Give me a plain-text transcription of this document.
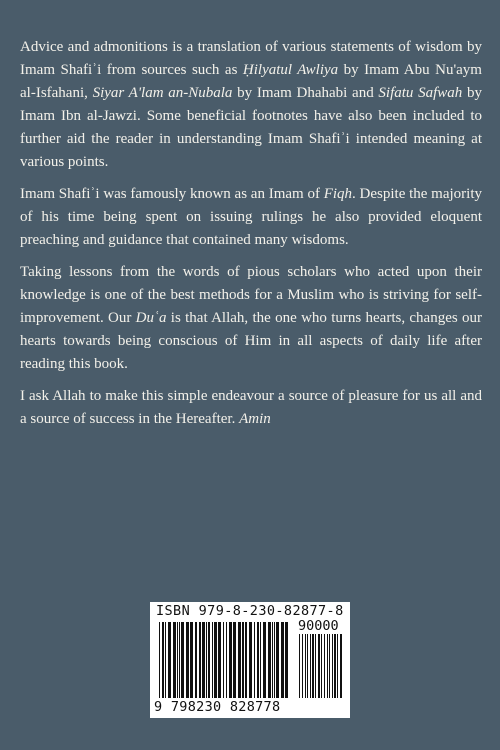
Advice and admonitions is a translation of various statements of wisdom by Imam Shafiʾi from sources such as Ḥilyatul Awliya by Imam Abu Nu'aym al-Isfahani, Siyar A'lam an-Nubala by Imam Dhahabi and Sifatu Safwah by Imam Ibn al-Jawzi. Some beneficial footnotes have also been included to further aid the reader in understanding Imam Shafiʾi intended meaning at various points.

Imam Shafiʾi was famously known as an Imam of Fiqh. Despite the majority of his time being spent on issuing rulings he also provided eloquent preaching and guidance that contained many wisdoms.

Taking lessons from the words of pious scholars who acted upon their knowledge is one of the best methods for a Muslim who is striving for self-improvement. Our Duʿa is that Allah, the one who turns hearts, changes our hearts towards being conscious of Him in all aspects of daily life after reading this book.

I ask Allah to make this simple endeavour a source of pleasure for us all and a source of success in the Hereafter. Amin

ISBN 979-8-230-82877-8
90000
9 798230 828778
